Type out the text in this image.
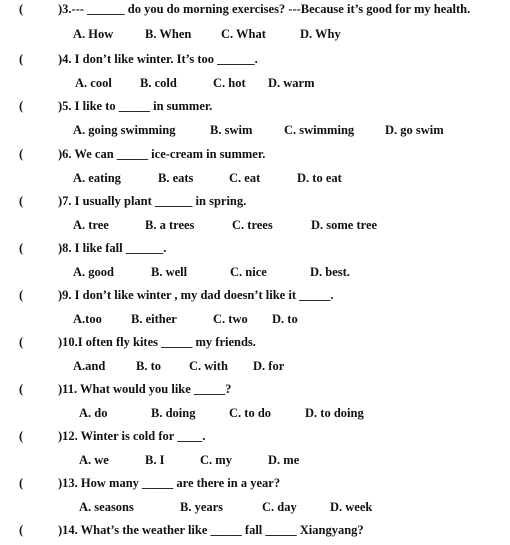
(	)3.--- ______ do you do morning exercises? ---Because it’s good for my health.
A. How	B. When C. What	D. Why
(	)4. I don’t like winter. It’s too ______.
A. cool B. cold	C. hot D. warm
(	)5. I like to _____ in summer.
A. going swimming	B. swim	C. swimming D. go swim
(	)6. We can _____ ice-cream in summer.
A. eating	B. eats	C. eat	D. to eat
(	)7. I usually plant ______ in spring.
A. tree	B. a trees	C. trees	D. some tree
(	)8. I like fall ______.
A. good	B. well	C. nice	D. best.
(	)9. I don’t like winter , my dad doesn’t like it _____.
A.too B. either	C. two D. to
(	)10.I often fly kites _____ my friends.
A.and B. to C. with D. for
(	)11. What would you like _____?
A. do	B. doing	C. to do	D. to doing
(	)12. Winter is cold for ____.
A. we	B. I	C. my	D. me
(	)13. How many _____ are there in a year?
A. seasons	B. years	C. day	D. week
(	)14. What’s the weather like _____ fall _____ Xiangyang?
